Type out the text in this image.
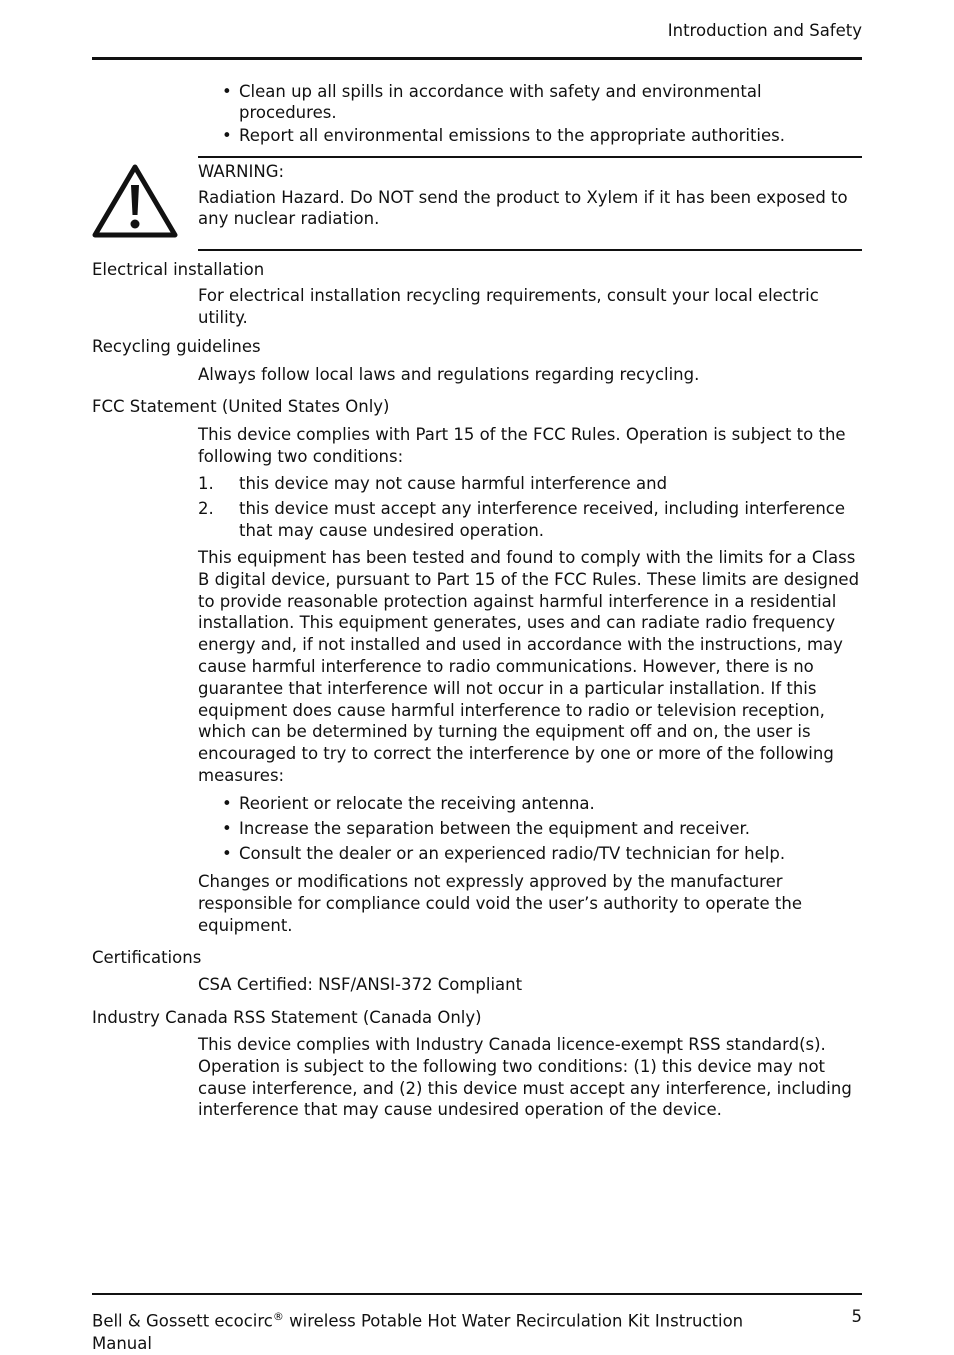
Introduction and Safety
• Clean up all spills in accordance with safety and environmental procedures.
• Report all environmental emissions to the appropriate authorities.
WARNING:
Radiation Hazard. Do NOT send the product to Xylem if it has been exposed to any nuclear radiation.
Electrical installation
For electrical installation recycling requirements, consult your local electric utility.
Recycling guidelines
Always follow local laws and regulations regarding recycling.
FCC Statement (United States Only)
This device complies with Part 15 of the FCC Rules. Operation is subject to the following two conditions:
1. this device may not cause harmful interference and
2. this device must accept any interference received, including interference that may cause undesired operation.
This equipment has been tested and found to comply with the limits for a Class B digital device, pursuant to Part 15 of the FCC Rules. These limits are designed to provide reasonable protection against harmful interference in a residential installation. This equipment generates, uses and can radiate radio frequency energy and, if not installed and used in accordance with the instructions, may cause harmful interference to radio communications. However, there is no guarantee that interference will not occur in a particular installation. If this equipment does cause harmful interference to radio or television reception, which can be determined by turning the equipment off and on, the user is encouraged to try to correct the interference by one or more of the following measures:
• Reorient or relocate the receiving antenna.
• Increase the separation between the equipment and receiver.
• Consult the dealer or an experienced radio/TV technician for help.
Changes or modifications not expressly approved by the manufacturer responsible for compliance could void the user’s authority to operate the equipment.
Certifications
CSA Certified: NSF/ANSI-372 Compliant
Industry Canada RSS Statement (Canada Only)
This device complies with Industry Canada licence-exempt RSS standard(s). Operation is subject to the following two conditions: (1) this device may not cause interference, and (2) this device must accept any interference, including interference that may cause undesired operation of the device.
Bell & Gossett ecocirc® wireless Potable Hot Water Recirculation Kit Instruction Manual
5
